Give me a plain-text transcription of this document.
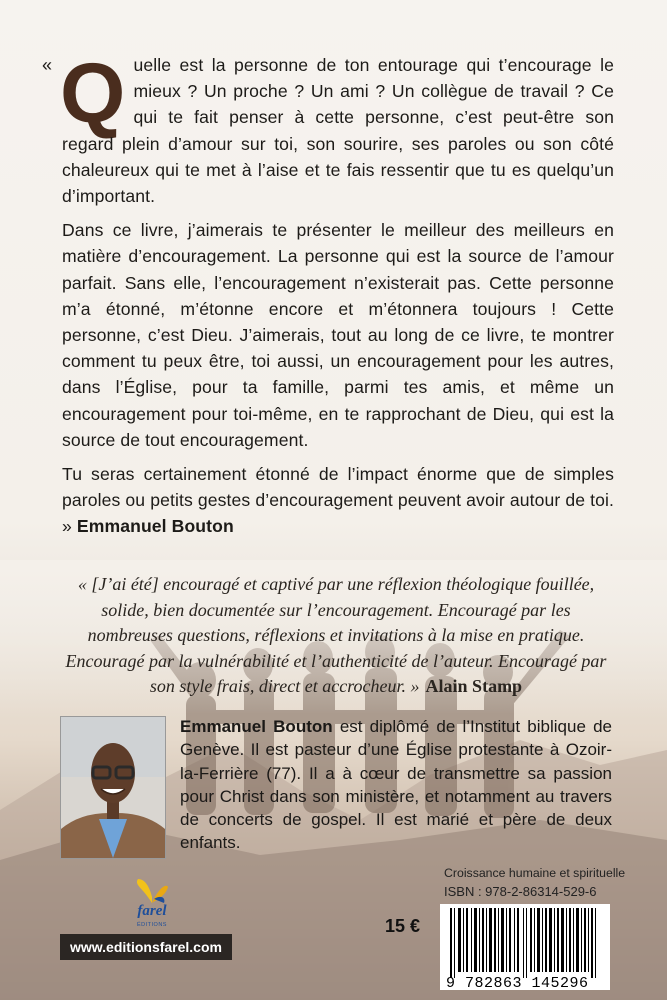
« Quelle est la personne de ton entourage qui t’encourage le mieux ? Un proche ? Un ami ? Un collègue de travail ? Ce qui te fait penser à cette personne, c’est peut-être son regard plein d’amour sur toi, son sourire, ses paroles ou son côté chaleureux qui te met à l’aise et te fais ressentir que tu es quelqu’un d’important.

Dans ce livre, j’aimerais te présenter le meilleur des meilleurs en matière d’encouragement. La personne qui est la source de l’amour parfait. Sans elle, l’encouragement n’existerait pas. Cette personne m’a étonné, m’étonne encore et m’étonnera toujours ! Cette personne, c’est Dieu. J’aimerais, tout au long de ce livre, te montrer comment tu peux être, toi aussi, un encouragement pour les autres, dans l’Église, pour ta famille, parmi tes amis, et même un encouragement pour toi-même, en te rapprochant de Dieu, qui est la source de tout encouragement.

Tu seras certainement étonné de l’impact énorme que de simples paroles ou petits gestes d’encouragement peuvent avoir autour de toi. » Emmanuel Bouton

« [J’ai été] encouragé et captivé par une réflexion théologique fouillée, solide, bien documentée sur l’encouragement. Encouragé par les nombreuses questions, réflexions et invitations à la mise en pratique. Encouragé par la vulnérabilité et l’authenticité de l’auteur. Encouragé par son style frais, direct et accrocheur. » Alain Stamp
Emmanuel Bouton est diplômé de l’Institut biblique de Genève. Il est pasteur d’une Église protestante à Ozoir-la-Ferrière (77). Il a à cœur de transmettre sa passion pour Christ dans son ministère, et notamment au travers de concerts de gospel. Il est marié et père de deux enfants.
farel
ÉDITIONS
www.editionsfarel.com
15 €
Croissance humaine et spirituelle
ISBN : 978-2-86314-529-6
9 782863 145296
